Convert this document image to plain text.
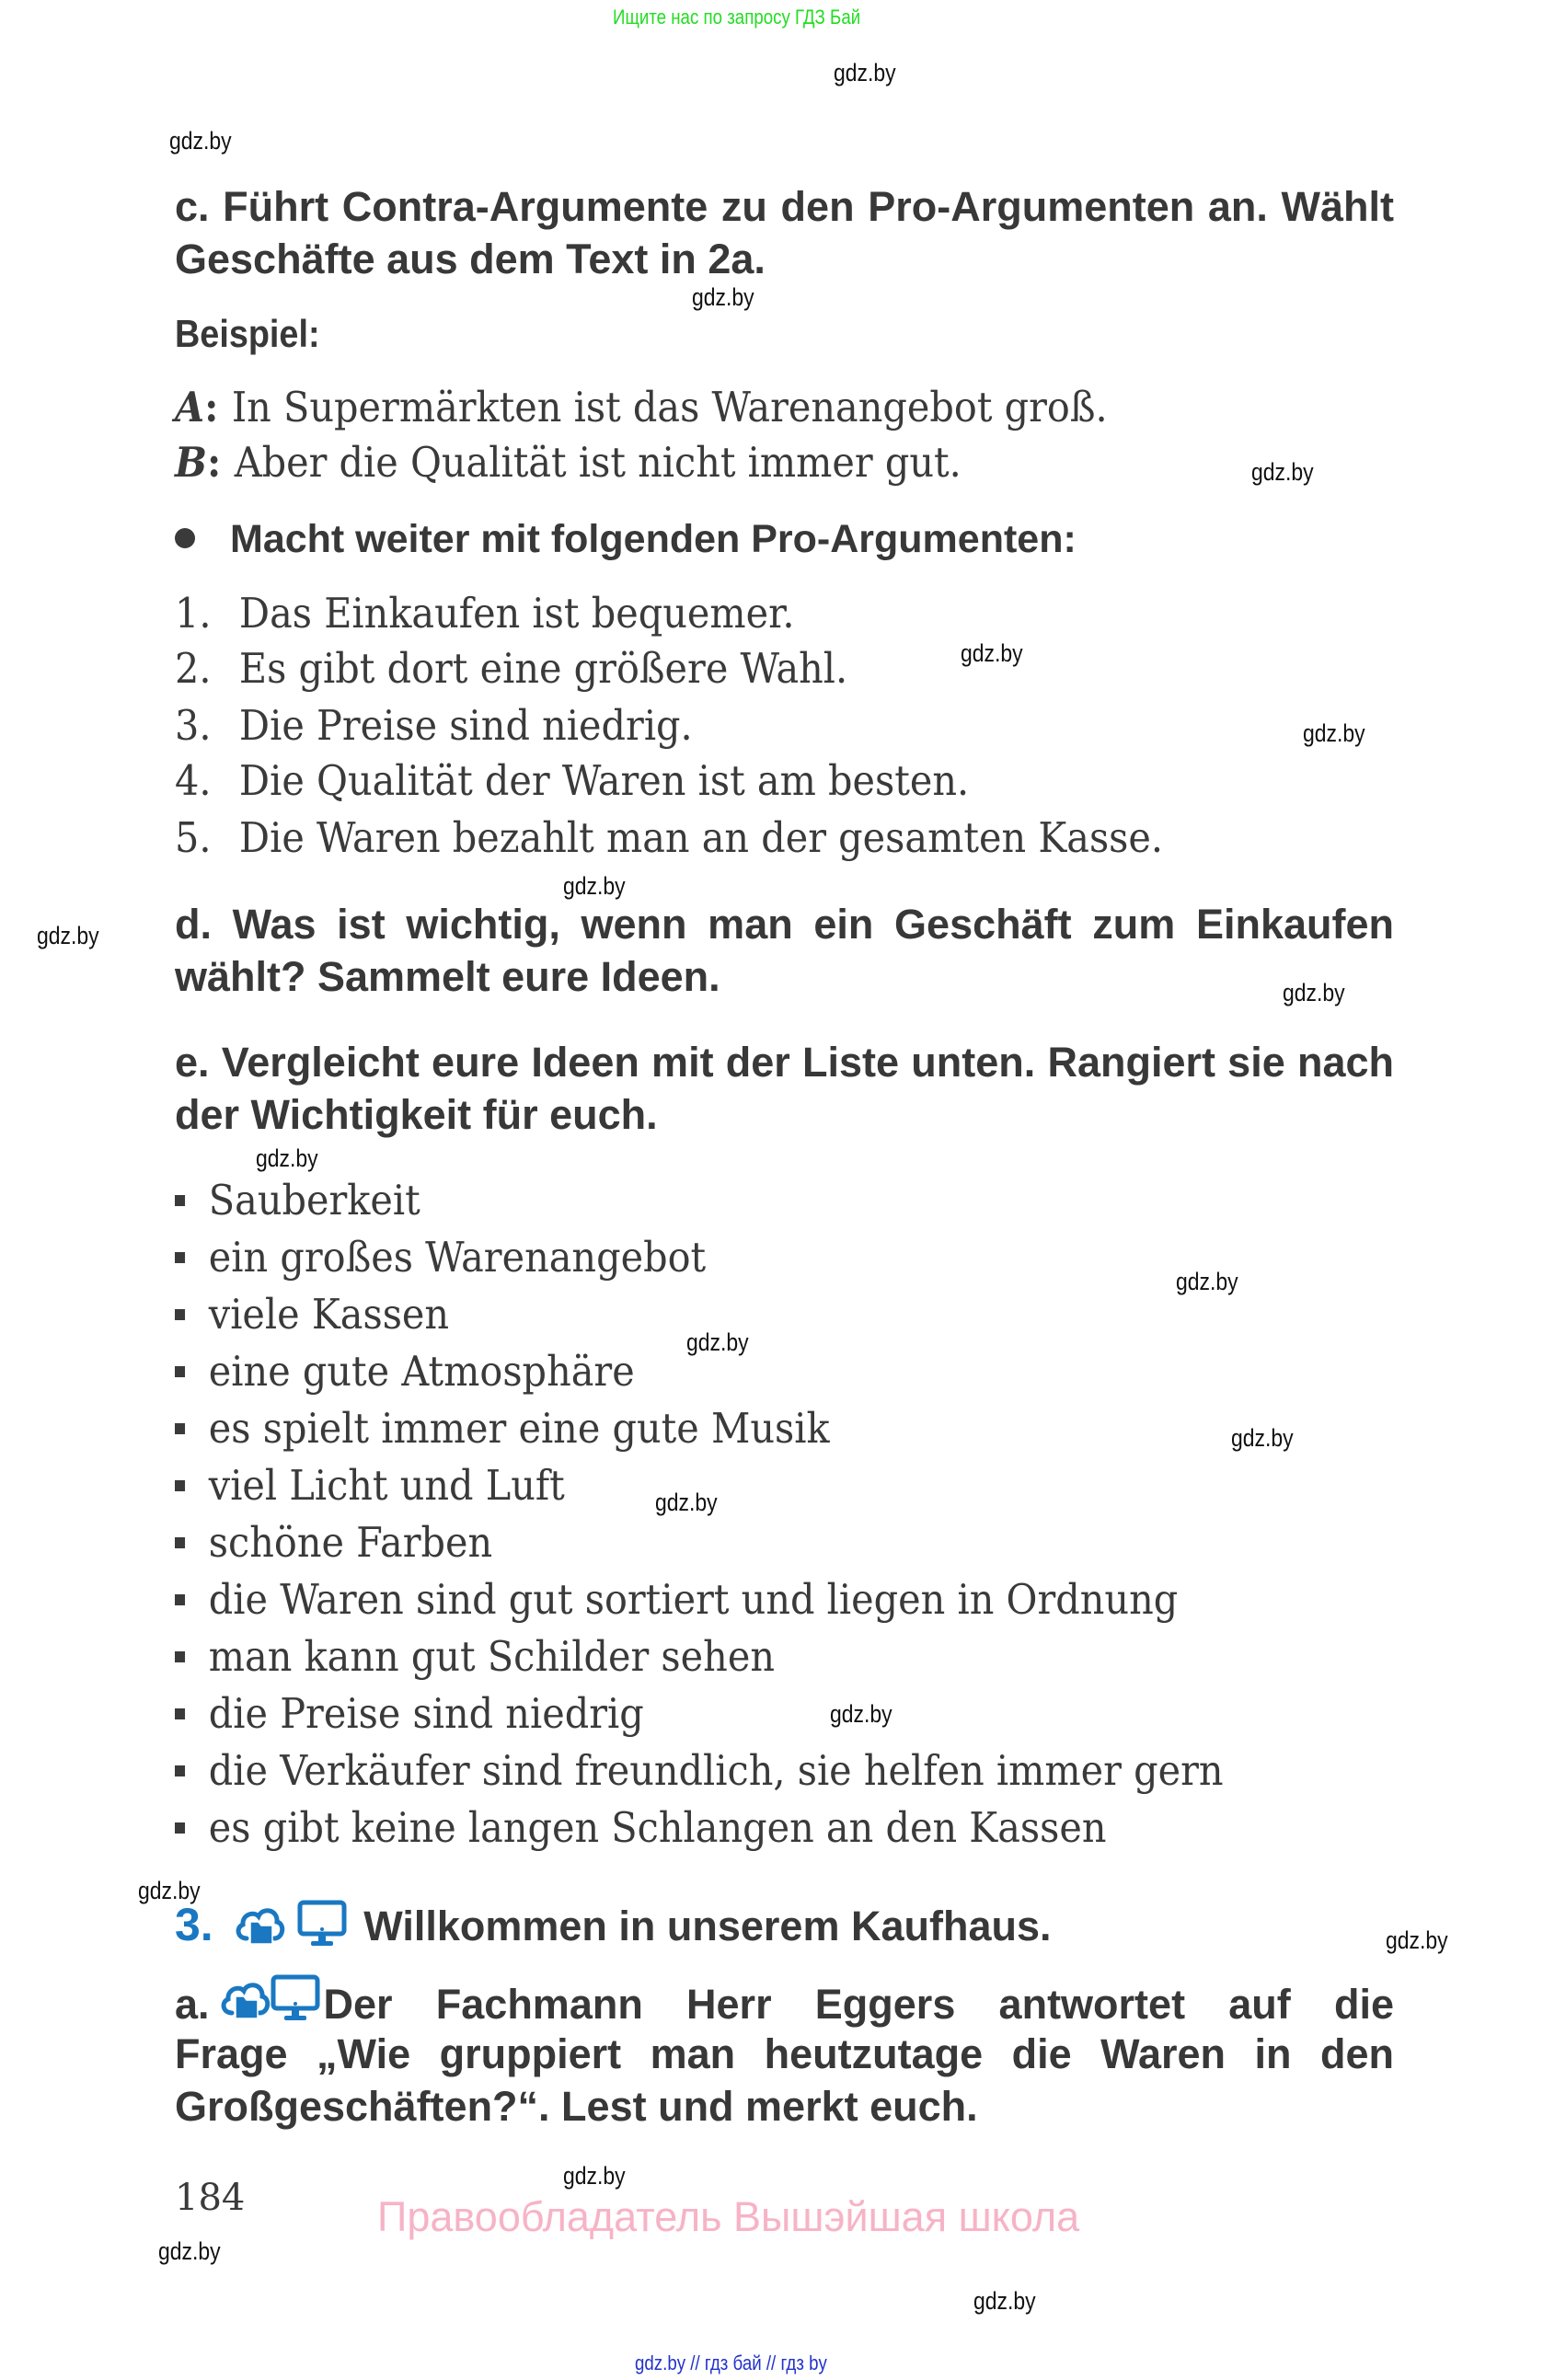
Ищите нас по запросу ГДЗ Бай
gdz.by
gdz.by
gdz.by
gdz.by
gdz.by
gdz.by
gdz.by
gdz.by
gdz.by
gdz.by
gdz.by
gdz.by
gdz.by
gdz.by
gdz.by
gdz.by
gdz.by
gdz.by
gdz.by
gdz.by
c. Führt Contra-Argumente zu den Pro-Argumenten an. Wählt Geschäfte aus dem Text in 2a.
Beispiel:
A: In Supermärkten ist das Warenangebot groß.
B: Aber die Qualität ist nicht immer gut.
Macht weiter mit folgenden Pro-Argumenten:
1. Das Einkaufen ist bequemer.
2. Es gibt dort eine größere Wahl.
3. Die Preise sind niedrig.
4. Die Qualität der Waren ist am besten.
5. Die Waren bezahlt man an der gesamten Kasse.
d. Was ist wichtig, wenn man ein Geschäft zum Einkaufen wählt? Sammelt eure Ideen.
e. Vergleicht eure Ideen mit der Liste unten. Rangiert sie nach der Wichtigkeit für euch.
Sauberkeit
ein großes Warenangebot
viele Kassen
eine gute Atmosphäre
es spielt immer eine gute Musik
viel Licht und Luft
schöne Farben
die Waren sind gut sortiert und liegen in Ordnung
man kann gut Schilder sehen
die Preise sind niedrig
die Verkäufer sind freundlich, sie helfen immer gern
es gibt keine langen Schlangen an den Kassen
3.	Willkommen in unserem Kaufhaus.
a.	Der Fachmann Herr Eggers antwortet auf die
Frage „Wie gruppiert man heutzutage die Waren in den Großgeschäften?“. Lest und merkt euch.
184	Правообладатель Вышэйшая школа
gdz.by // гдз бай // гдз by
